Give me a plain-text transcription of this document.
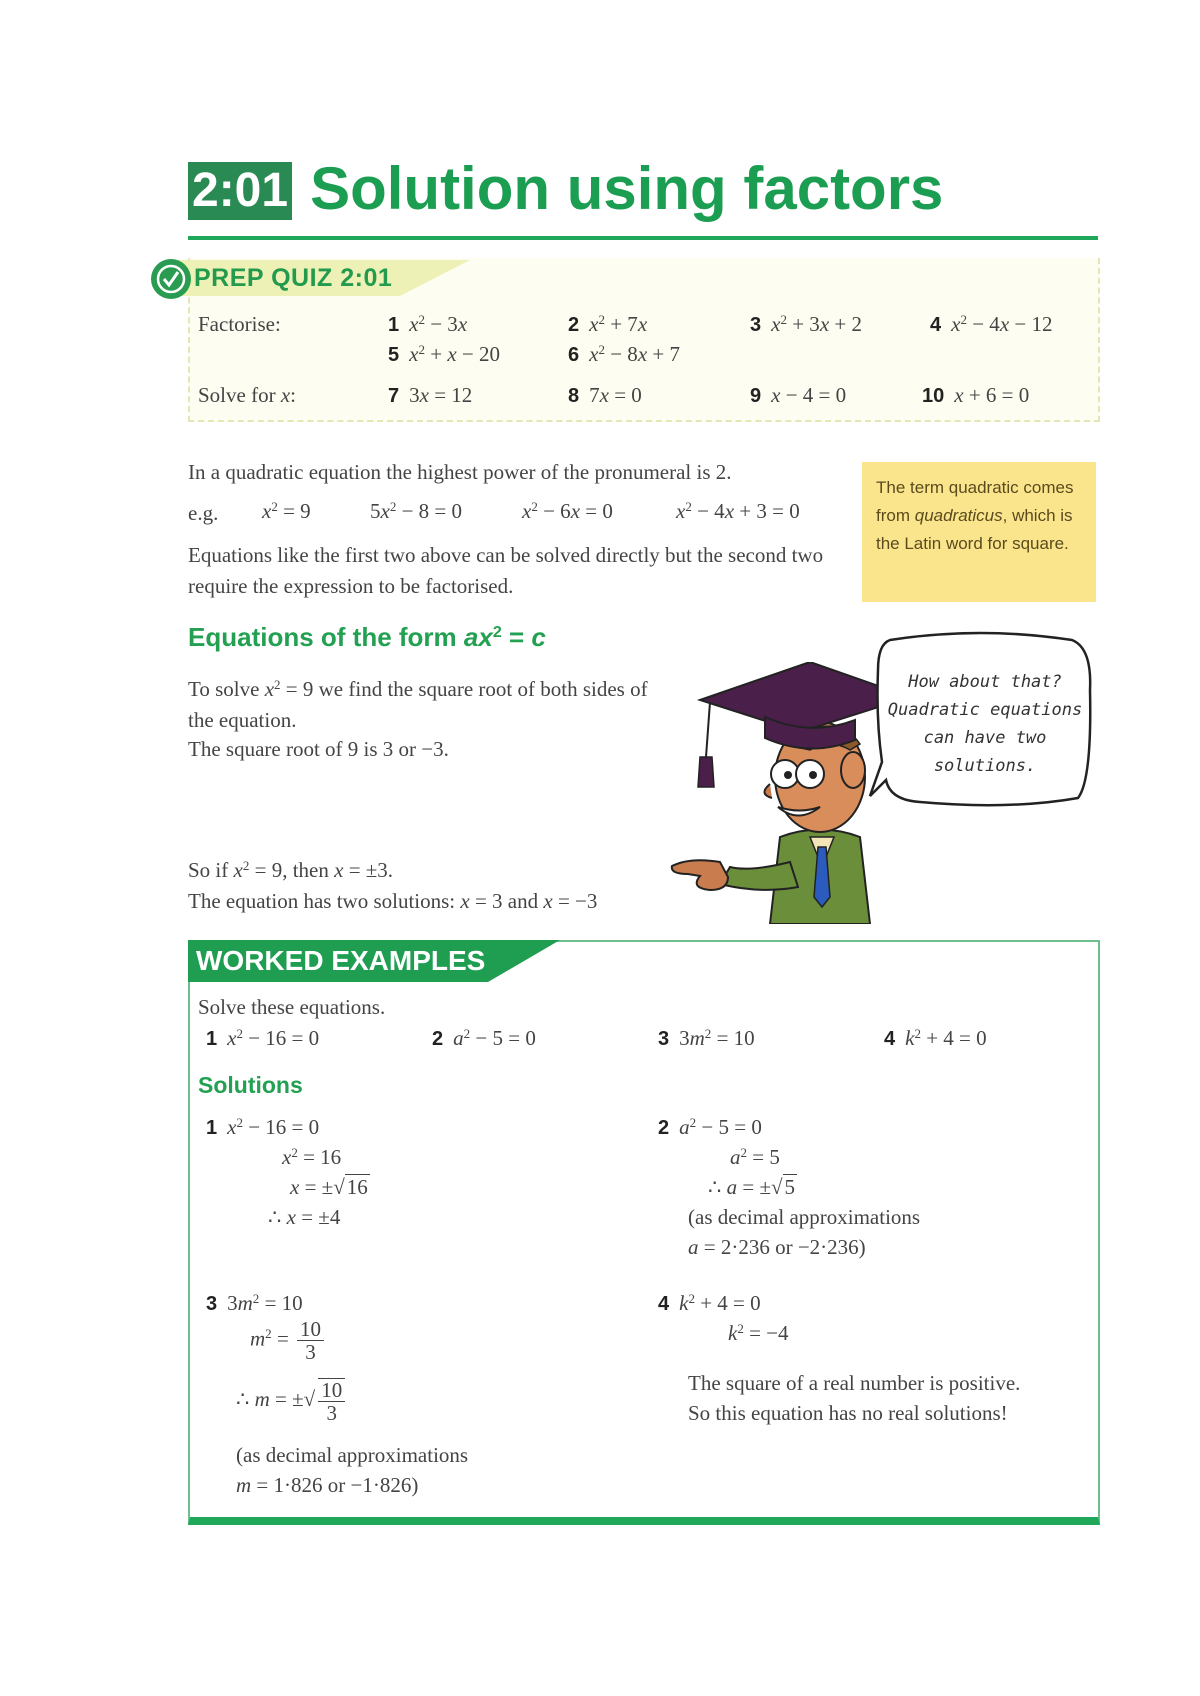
2:01 Solution using factors
PREP QUIZ 2:01
Factorise:
Solve for x:
1 $x^2 - 3x$	2 $x^2 + 7x$	3 $x^2 + 3x + 2$	4 $x^2 - 4x - 12$
5 $x^2 + x - 20$	6 $x^2 - 8x + 7$
7 3x = 12	8 7x = 0	9 x − 4 = 0	10 x + 6 = 0
In a quadratic equation the highest power of the pronumeral is 2.
e.g. $x^2 = 9$	$5x^2 - 8 = 0$	$x^2 - 6x = 0$	$x^2 - 4x + 3 = 0$
Equations like the first two above can be solved directly but the second two require the expression to be factorised.
The term quadratic comes from quadraticus, which is the Latin word for square.
Equations of the form $ax^2 = c$
To solve $x^2 = 9$ we find the square root of both sides of the equation.
The square root of 9 is 3 or −3.
So if $x^2 = 9$, then x = ±3.
The equation has two solutions: x = 3 and x = −3
How about that? Quadratic equations can have two solutions.
WORKED EXAMPLES
Solve these equations.
1 $x^2 - 16 = 0$	2 $a^2 - 5 = 0$	3 $3m^2 = 10$	4 $k^2 + 4 = 0$
Solutions
1 $x^2 - 16 = 0$
$x^2 = 16$
x = ±√16
∴ x = ±4
2 $a^2 - 5 = 0$
$a^2 = 5$
∴ a = ±√5
(as decimal approximations
a = 2·236 or −2·236)
3 $3m^2 = 10$
$m^2 = \frac{10}{3}$
∴ m = ±√ $\frac{10}{3}$
(as decimal approximations
m = 1·826 or −1·826)
4 $k^2 + 4 = 0$
$k^2 = -4$
The square of a real number is positive.
So this equation has no real solutions!
